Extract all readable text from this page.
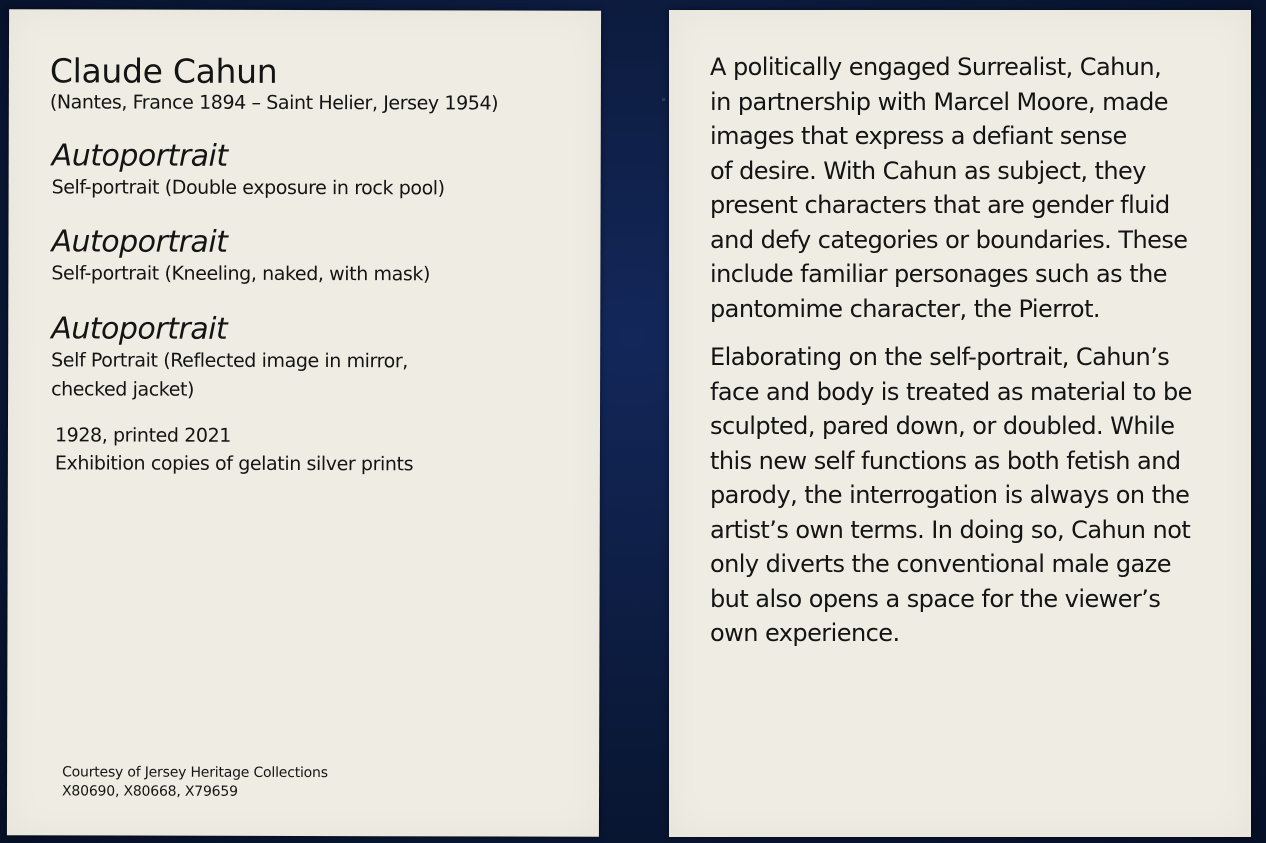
Claude Cahun
(Nantes, France 1894 – Saint Helier, Jersey 1954)
Autoportrait
Self-portrait (Double exposure in rock pool)
Autoportrait
Self-portrait (Kneeling, naked, with mask)
Autoportrait
Self Portrait (Reflected image in mirror,
checked jacket)
1928, printed 2021
Exhibition copies of gelatin silver prints
Courtesy of Jersey Heritage Collections
X80690, X80668, X79659

A politically engaged Surrealist, Cahun,
in partnership with Marcel Moore, made
images that express a defiant sense
of desire. With Cahun as subject, they
present characters that are gender fluid
and defy categories or boundaries. These
include familiar personages such as the
pantomime character, the Pierrot.

Elaborating on the self-portrait, Cahun’s
face and body is treated as material to be
sculpted, pared down, or doubled. While
this new self functions as both fetish and
parody, the interrogation is always on the
artist’s own terms. In doing so, Cahun not
only diverts the conventional male gaze
but also opens a space for the viewer’s
own experience.
